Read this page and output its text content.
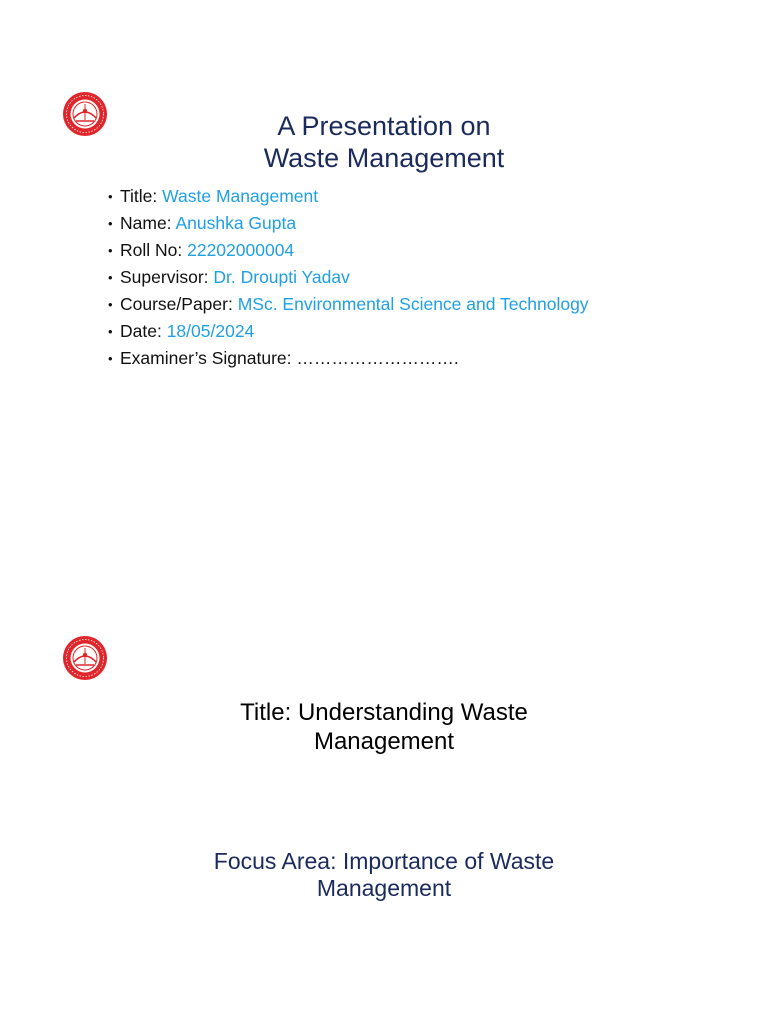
A Presentation on
Waste Management
• Title: Waste Management
• Name: Anushka Gupta
• Roll No: 22202000004
• Supervisor: Dr. Droupti Yadav
• Course/Paper: MSc. Environmental Science and Technology
• Date: 18/05/2024
• Examiner’s Signature: ……………………….
Title: Understanding Waste
Management
Focus Area: Importance of Waste
Management
